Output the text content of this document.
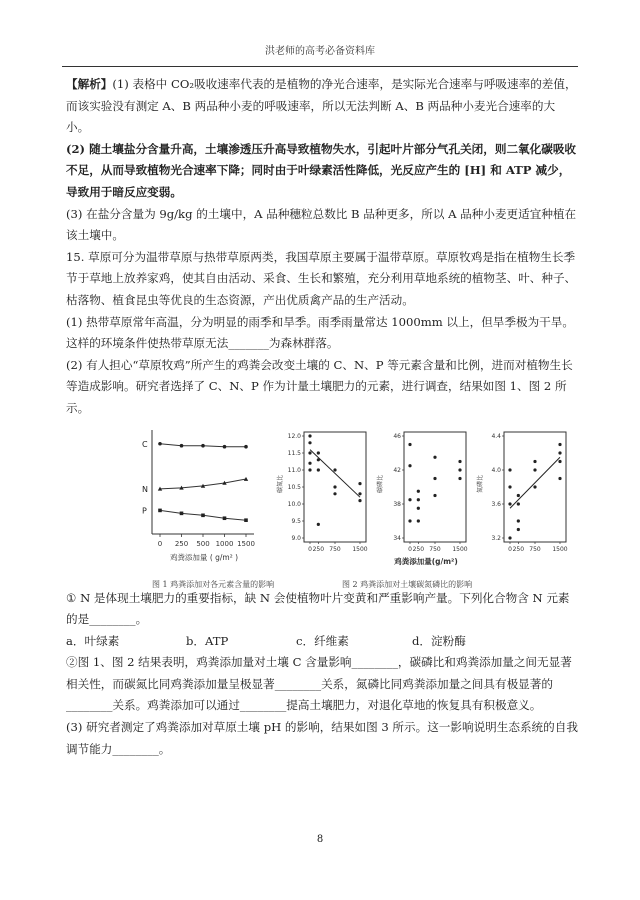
洪老师的高考必备资料库

【解析】(1) 表格中 CO₂吸收速率代表的是植物的净光合速率，是实际光合速率与呼吸速率的差值，而该实验没有测定 A、B 两品种小麦的呼吸速率，所以无法判断 A、B 两品种小麦光合速率的大小。

(2) 随土壤盐分含量升高，土壤渗透压升高导致植物失水，引起叶片部分气孔关闭，则二氧化碳吸收不足，从而导致植物光合速率下降；同时由于叶绿素活性降低，光反应产生的 [H] 和 ATP 减少，导致用于暗反应变弱。

(3) 在盐分含量为 9g/kg 的土壤中，A 品种穗粒总数比 B 品种更多，所以 A 品种小麦更适宜种植在该土壤中。

15. 草原可分为温带草原与热带草原两类，我国草原主要属于温带草原。草原牧鸡是指在植物生长季节于草地上放养家鸡，使其自由活动、采食、生长和繁殖，充分利用草地系统的植物茎、叶、种子、枯落物、植食昆虫等优良的生态资源，产出优质禽产品的生产活动。

(1) 热带草原常年高温，分为明显的雨季和旱季。雨季雨量常达 1000mm 以上，但旱季极为干旱。这样的环境条件使热带草原无法_______为森林群落。

(2) 有人担心“草原牧鸡”所产生的鸡粪会改变土壤的 C、N、P 等元素含量和比例，进而对植物生长等造成影响。研究者选择了 C、N、P 作为计量土壤肥力的元素，进行调查，结果如图 1、图 2 所示。

C
N
P
0 250 500 1000 1500
鸡粪添加量 ( g/m² )
12.0
11.5
11.0
10.5
10.0
9.5
9.0
碳氮比
0 250 750 1500
46
42
38
34
碳磷比
0 250 750 1500
4.4
4.0
3.6
3.2
氮磷比
0 250 750 1500
鸡粪添加量(g/m²)
图 1 鸡粪添加对各元素含量的影响	图 2 鸡粪添加对土壤碳氮磷比的影响

① N 是体现土壤肥力的重要指标，缺 N 会使植物叶片变黄和严重影响产量。下列化合物含 N 元素的是________。

a．叶绿素	b．ATP	c．纤维素	d．淀粉酶

②图 1、图 2 结果表明，鸡粪添加量对土壤 C 含量影响________，碳磷比和鸡粪添加量之间无显著相关性，而碳氮比同鸡粪添加量呈极显著________关系，氮磷比同鸡粪添加量之间具有极显著的________关系。鸡粪添加可以通过________提高土壤肥力，对退化草地的恢复具有积极意义。

(3) 研究者测定了鸡粪添加对草原土壤 pH 的影响，结果如图 3 所示。这一影响说明生态系统的自我调节能力________。

8
